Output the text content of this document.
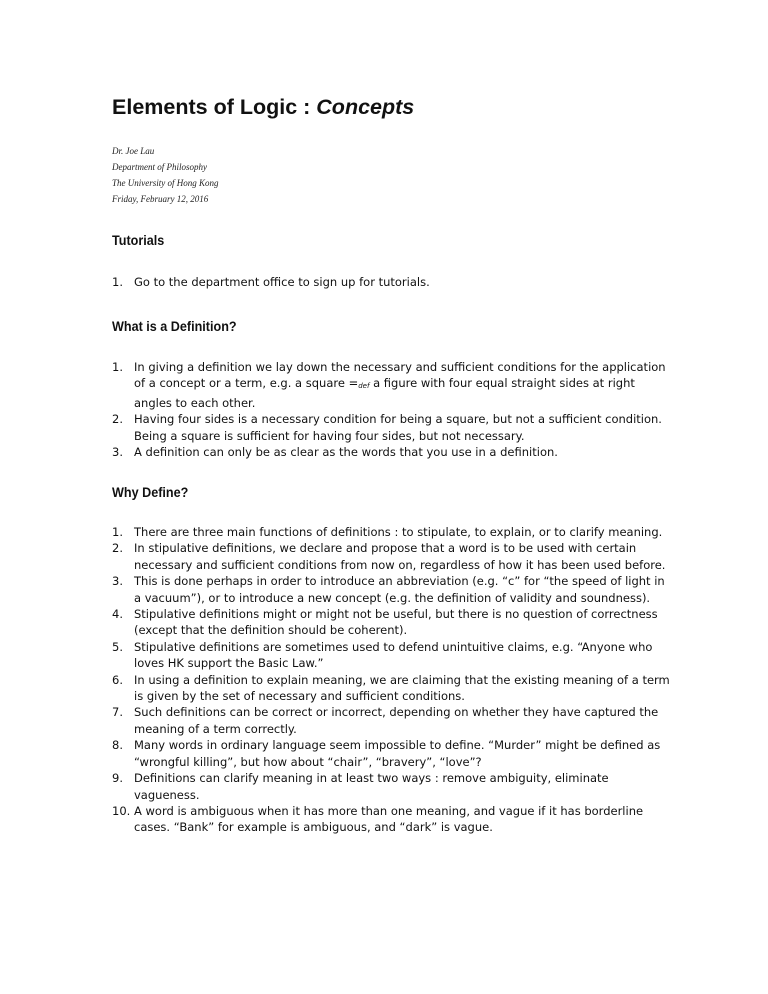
Elements of Logic : Concepts
Dr. Joe Lau
Department of Philosophy
The University of Hong Kong
Friday, February 12, 2016
Tutorials
1. Go to the department office to sign up for tutorials.
What is a Definition?
1. In giving a definition we lay down the necessary and sufficient conditions for the application of a concept or a term, e.g. a square $=_{def}$ a figure with four equal straight sides at right angles to each other.
2. Having four sides is a necessary condition for being a square, but not a sufficient condition. Being a square is sufficient for having four sides, but not necessary.
3. A definition can only be as clear as the words that you use in a definition.
Why Define?
1. There are three main functions of definitions : to stipulate, to explain, or to clarify meaning.
2. In stipulative definitions, we declare and propose that a word is to be used with certain necessary and sufficient conditions from now on, regardless of how it has been used before.
3. This is done perhaps in order to introduce an abbreviation (e.g. “c” for “the speed of light in a vacuum”), or to introduce a new concept (e.g. the definition of validity and soundness).
4. Stipulative definitions might or might not be useful, but there is no question of correctness (except that the definition should be coherent).
5. Stipulative definitions are sometimes used to defend unintuitive claims, e.g. “Anyone who loves HK support the Basic Law.”
6. In using a definition to explain meaning, we are claiming that the existing meaning of a term is given by the set of necessary and sufficient conditions.
7. Such definitions can be correct or incorrect, depending on whether they have captured the meaning of a term correctly.
8. Many words in ordinary language seem impossible to define. “Murder” might be defined as “wrongful killing”, but how about “chair”, “bravery”, “love”?
9. Definitions can clarify meaning in at least two ways : remove ambiguity, eliminate vagueness.
10. A word is ambiguous when it has more than one meaning, and vague if it has borderline cases. “Bank” for example is ambiguous, and “dark” is vague.
